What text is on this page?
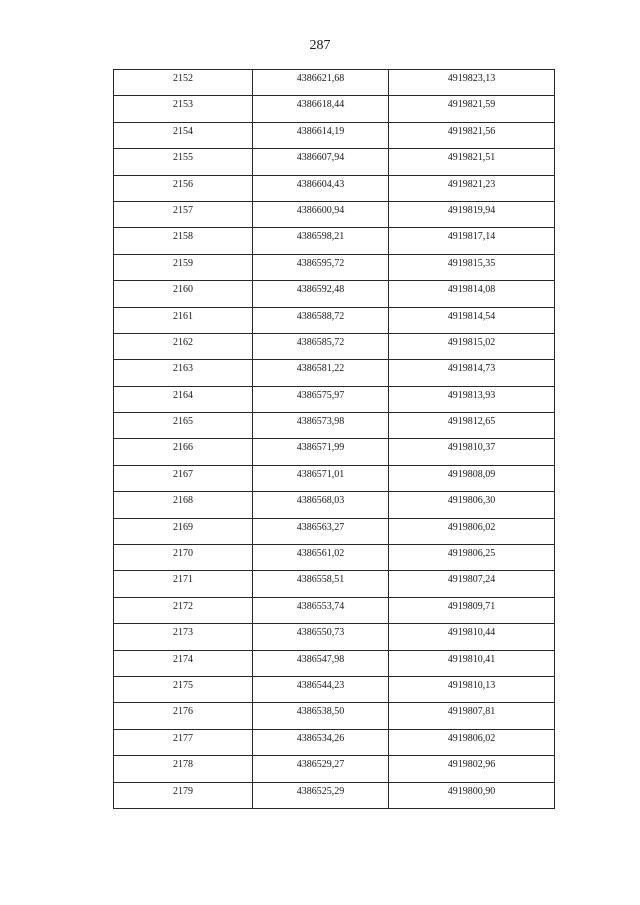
287
2152	4386621,68	4919823,13
2153	4386618,44	4919821,59
2154	4386614,19	4919821,56
2155	4386607,94	4919821,51
2156	4386604,43	4919821,23
2157	4386600,94	4919819,94
2158	4386598,21	4919817,14
2159	4386595,72	4919815,35
2160	4386592,48	4919814,08
2161	4386588,72	4919814,54
2162	4386585,72	4919815,02
2163	4386581,22	4919814,73
2164	4386575,97	4919813,93
2165	4386573,98	4919812,65
2166	4386571,99	4919810,37
2167	4386571,01	4919808,09
2168	4386568,03	4919806,30
2169	4386563,27	4919806,02
2170	4386561,02	4919806,25
2171	4386558,51	4919807,24
2172	4386553,74	4919809,71
2173	4386550,73	4919810,44
2174	4386547,98	4919810,41
2175	4386544,23	4919810,13
2176	4386538,50	4919807,81
2177	4386534,26	4919806,02
2178	4386529,27	4919802,96
2179	4386525,29	4919800,90
